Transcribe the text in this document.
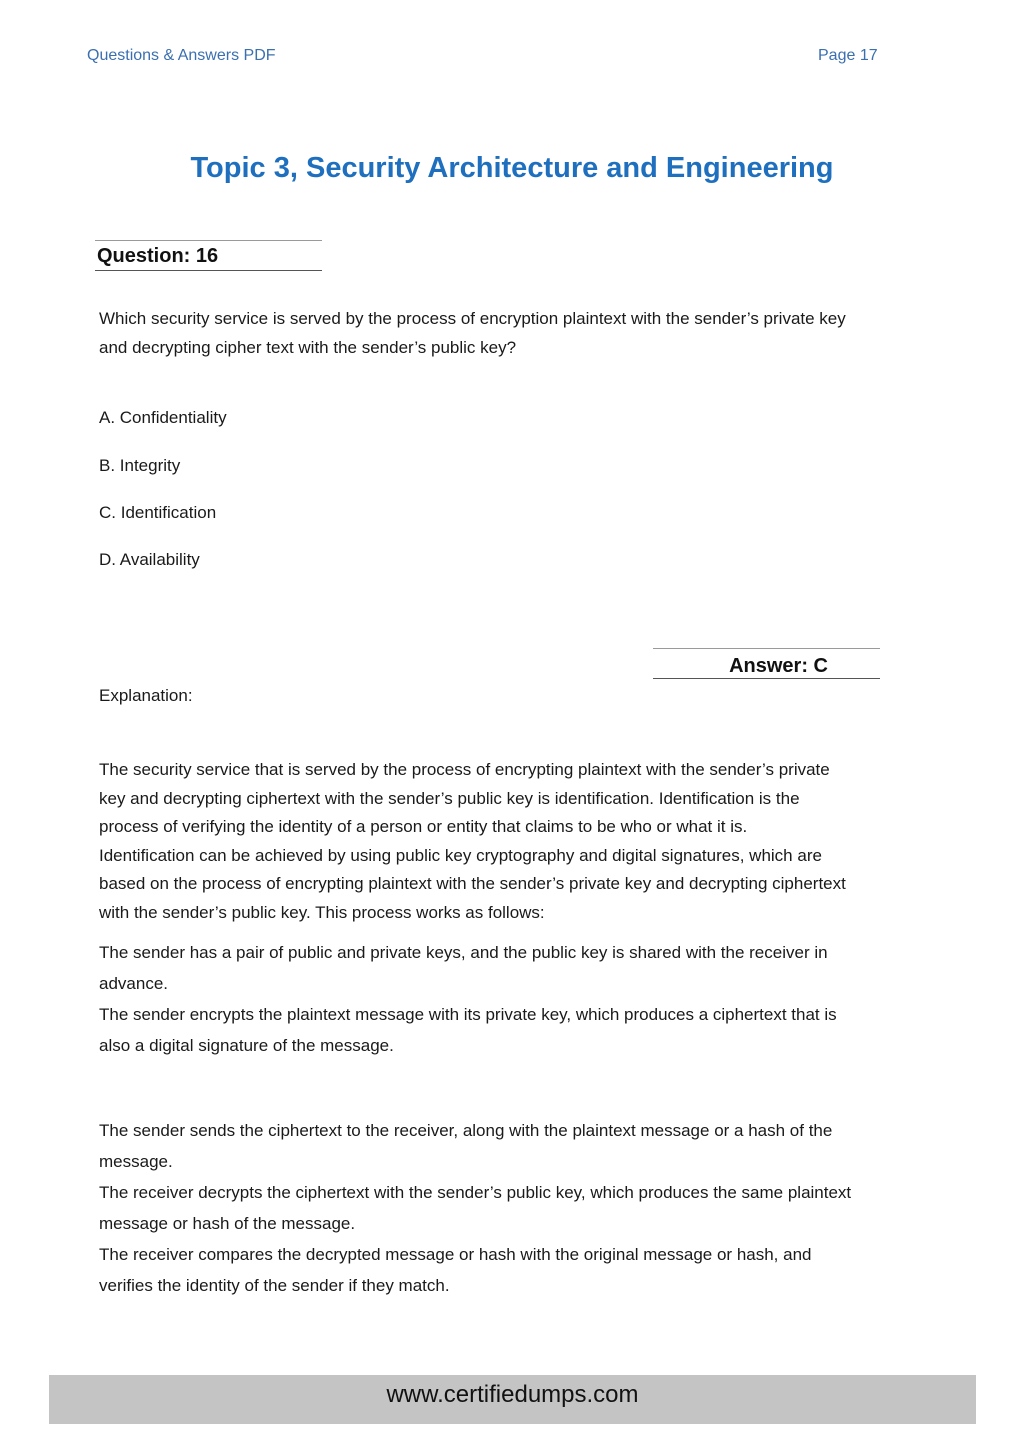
Questions & Answers PDF	Page 17
Topic 3, Security Architecture and Engineering
Question: 16
Which security service is served by the process of encryption plaintext with the sender’s private key
and decrypting cipher text with the sender’s public key?
A. Confidentiality
B. Integrity
C. Identification
D. Availability
Answer: C
Explanation:
The security service that is served by the process of encrypting plaintext with the sender’s private
key and decrypting ciphertext with the sender’s public key is identification. Identification is the
process of verifying the identity of a person or entity that claims to be who or what it is.
Identification can be achieved by using public key cryptography and digital signatures, which are
based on the process of encrypting plaintext with the sender’s private key and decrypting ciphertext
with the sender’s public key. This process works as follows:
The sender has a pair of public and private keys, and the public key is shared with the receiver in
advance.
The sender encrypts the plaintext message with its private key, which produces a ciphertext that is
also a digital signature of the message.
The sender sends the ciphertext to the receiver, along with the plaintext message or a hash of the
message.
The receiver decrypts the ciphertext with the sender’s public key, which produces the same plaintext
message or hash of the message.
The receiver compares the decrypted message or hash with the original message or hash, and
verifies the identity of the sender if they match.
www.certifiedumps.com
